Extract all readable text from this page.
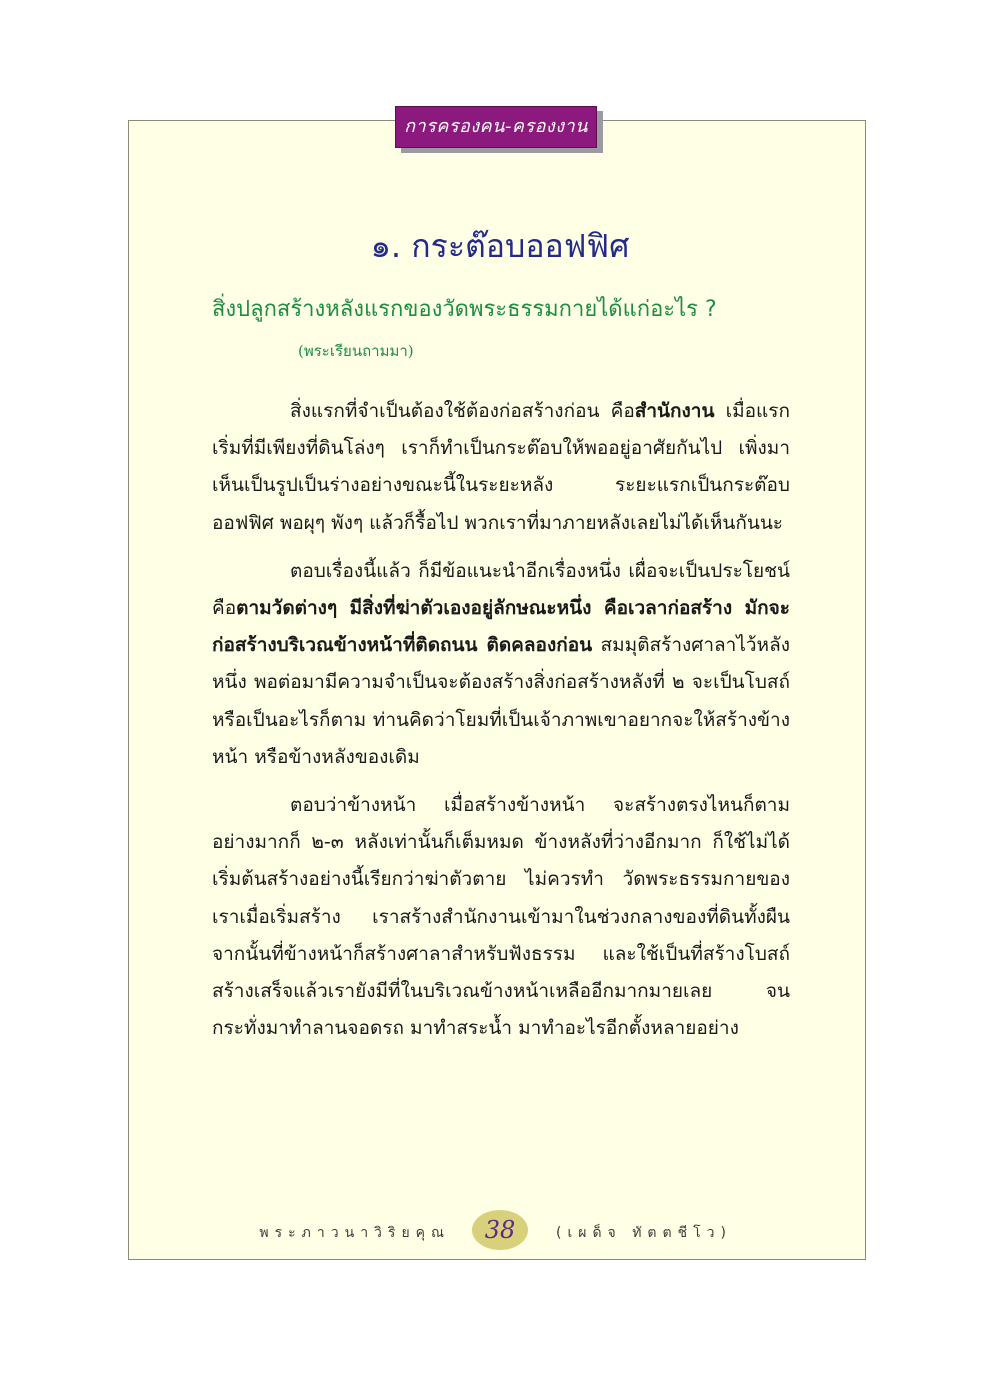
การครองคน-ครองงาน
๑. กระต๊อบออฟฟิศ
สิ่งปลูกสร้างหลังแรกของวัดพระธรรมกายได้แก่อะไร ?
(พระเรียนถามมา)

สิ่งแรกที่จำเป็นต้องใช้ต้องก่อสร้างก่อน คือสำนักงาน เมื่อแรกเริ่มที่มีเพียงที่ดินโล่งๆ เราก็ทำเป็นกระต๊อบให้พออยู่อาศัยกันไป เพิ่งมาเห็นเป็นรูปเป็นร่างอย่างขณะนี้ในระยะหลัง ระยะแรกเป็นกระต๊อบออฟฟิศ พอผุๆ พังๆ แล้วก็รื้อไป พวกเราที่มาภายหลังเลยไม่ได้เห็นกันนะ

ตอบเรื่องนี้แล้ว ก็มีข้อแนะนำอีกเรื่องหนึ่ง เผื่อจะเป็นประโยชน์ คือตามวัดต่างๆ มีสิ่งที่ฆ่าตัวเองอยู่ลักษณะหนึ่ง คือเวลาก่อสร้าง มักจะก่อสร้างบริเวณข้างหน้าที่ติดถนน ติดคลองก่อน สมมุติสร้างศาลาไว้หลังหนึ่ง พอต่อมามีความจำเป็นจะต้องสร้างสิ่งก่อสร้างหลังที่ ๒ จะเป็นโบสถ์หรือเป็นอะไรก็ตาม ท่านคิดว่าโยมที่เป็นเจ้าภาพเขาอยากจะให้สร้างข้างหน้า หรือข้างหลังของเดิม

ตอบว่าข้างหน้า เมื่อสร้างข้างหน้า จะสร้างตรงไหนก็ตาม อย่างมากก็ ๒-๓ หลังเท่านั้นก็เต็มหมด ข้างหลังที่ว่างอีกมาก ก็ใช้ไม่ได้ เริ่มต้นสร้างอย่างนี้เรียกว่าฆ่าตัวตาย ไม่ควรทำ วัดพระธรรมกายของเราเมื่อเริ่มสร้าง เราสร้างสำนักงานเข้ามาในช่วงกลางของที่ดินทั้งผืน จากนั้นที่ข้างหน้าก็สร้างศาลาสำหรับฟังธรรม และใช้เป็นที่สร้างโบสถ์ สร้างเสร็จแล้วเรายังมีที่ในบริเวณข้างหน้าเหลืออีกมากมายเลย จนกระทั่งมาทำลานจอดรถ มาทำสระน้ำ มาทำอะไรอีกตั้งหลายอย่าง

พระภาวนาวิริยคุณ	38	(เผด็จ ทัตตชีโว)
